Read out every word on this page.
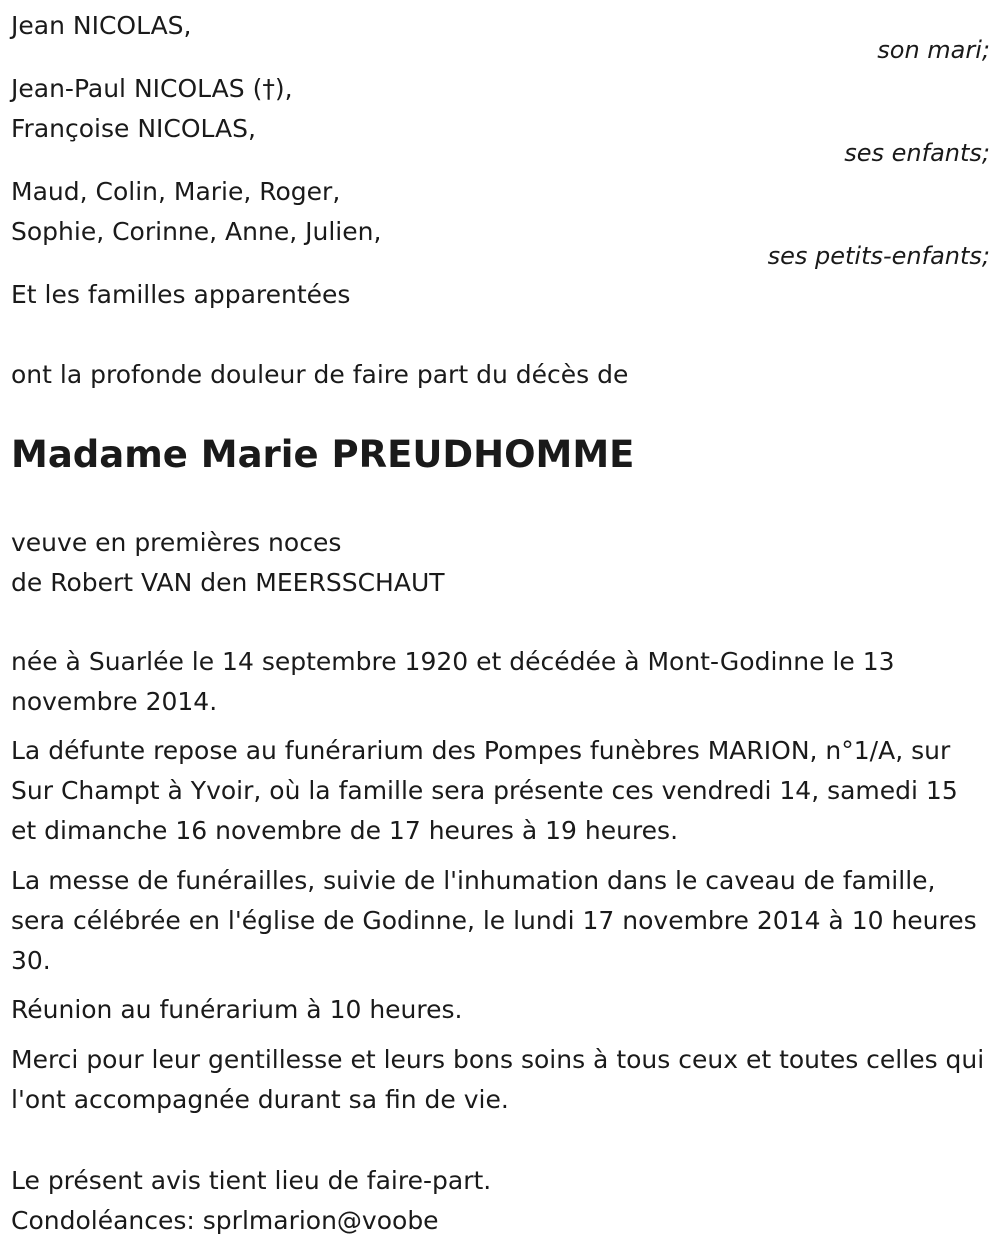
Jean NICOLAS,
son mari;
Jean-Paul NICOLAS (†),
Françoise NICOLAS,
ses enfants;
Maud, Colin, Marie, Roger,
Sophie, Corinne, Anne, Julien,
ses petits-enfants;
Et les familles apparentées
ont la profonde douleur de faire part du décès de
Madame Marie PREUDHOMME
veuve en premières noces
de Robert VAN den MEERSSCHAUT
née à Suarlée le 14 septembre 1920 et décédée à Mont-Godinne le 13 novembre 2014.
La défunte repose au funérarium des Pompes funèbres MARION, n°1/A, sur Sur Champt à Yvoir, où la famille sera présente ces vendredi 14, samedi 15 et dimanche 16 novembre de 17 heures à 19 heures.
La messe de funérailles, suivie de l'inhumation dans le caveau de famille, sera célébrée en l'église de Godinne, le lundi 17 novembre 2014 à 10 heures 30.
Réunion au funérarium à 10 heures.
Merci pour leur gentillesse et leurs bons soins à tous ceux et toutes celles qui l'ont accompagnée durant sa fin de vie.
Le présent avis tient lieu de faire-part.
Condoléances: sprlmarion@voobe
